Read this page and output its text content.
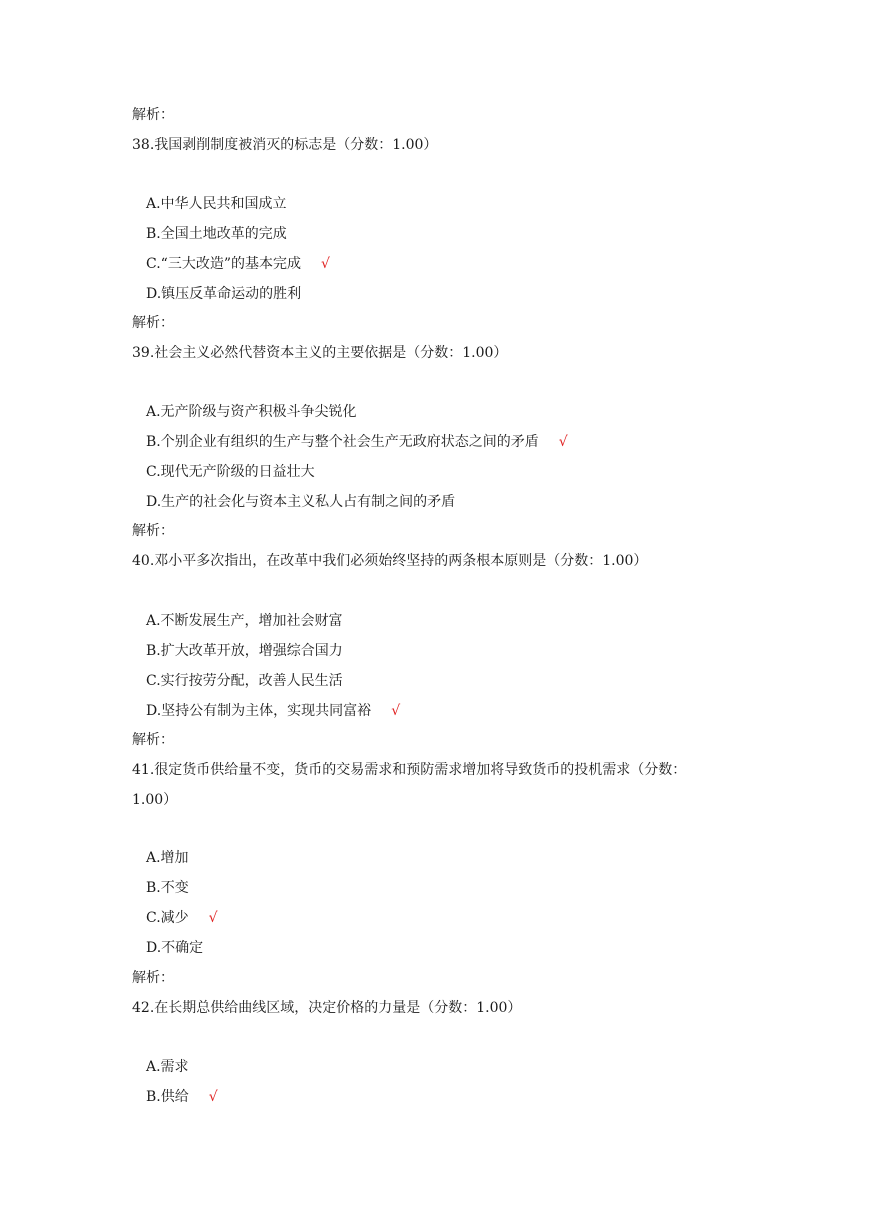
解析：
38.我国剥削制度被消灭的标志是（分数：1.00）
A.中华人民共和国成立
B.全国土地改革的完成
C.“三大改造”的基本完成 √
D.镇压反革命运动的胜利
解析：
39.社会主义必然代替资本主义的主要依据是（分数：1.00）
A.无产阶级与资产积极斗争尖锐化
B.个别企业有组织的生产与整个社会生产无政府状态之间的矛盾 √
C.现代无产阶级的日益壮大
D.生产的社会化与资本主义私人占有制之间的矛盾
解析：
40.邓小平多次指出，在改革中我们必须始终坚持的两条根本原则是（分数：1.00）
A.不断发展生产，增加社会财富
B.扩大改革开放，增强综合国力
C.实行按劳分配，改善人民生活
D.坚持公有制为主体，实现共同富裕 √
解析：
41.很定货币供给量不变，货币的交易需求和预防需求增加将导致货币的投机需求（分数：
1.00）
A.增加
B.不变
C.减少 √
D.不确定
解析：
42.在长期总供给曲线区域，决定价格的力量是（分数：1.00）
A.需求
B.供给 √
